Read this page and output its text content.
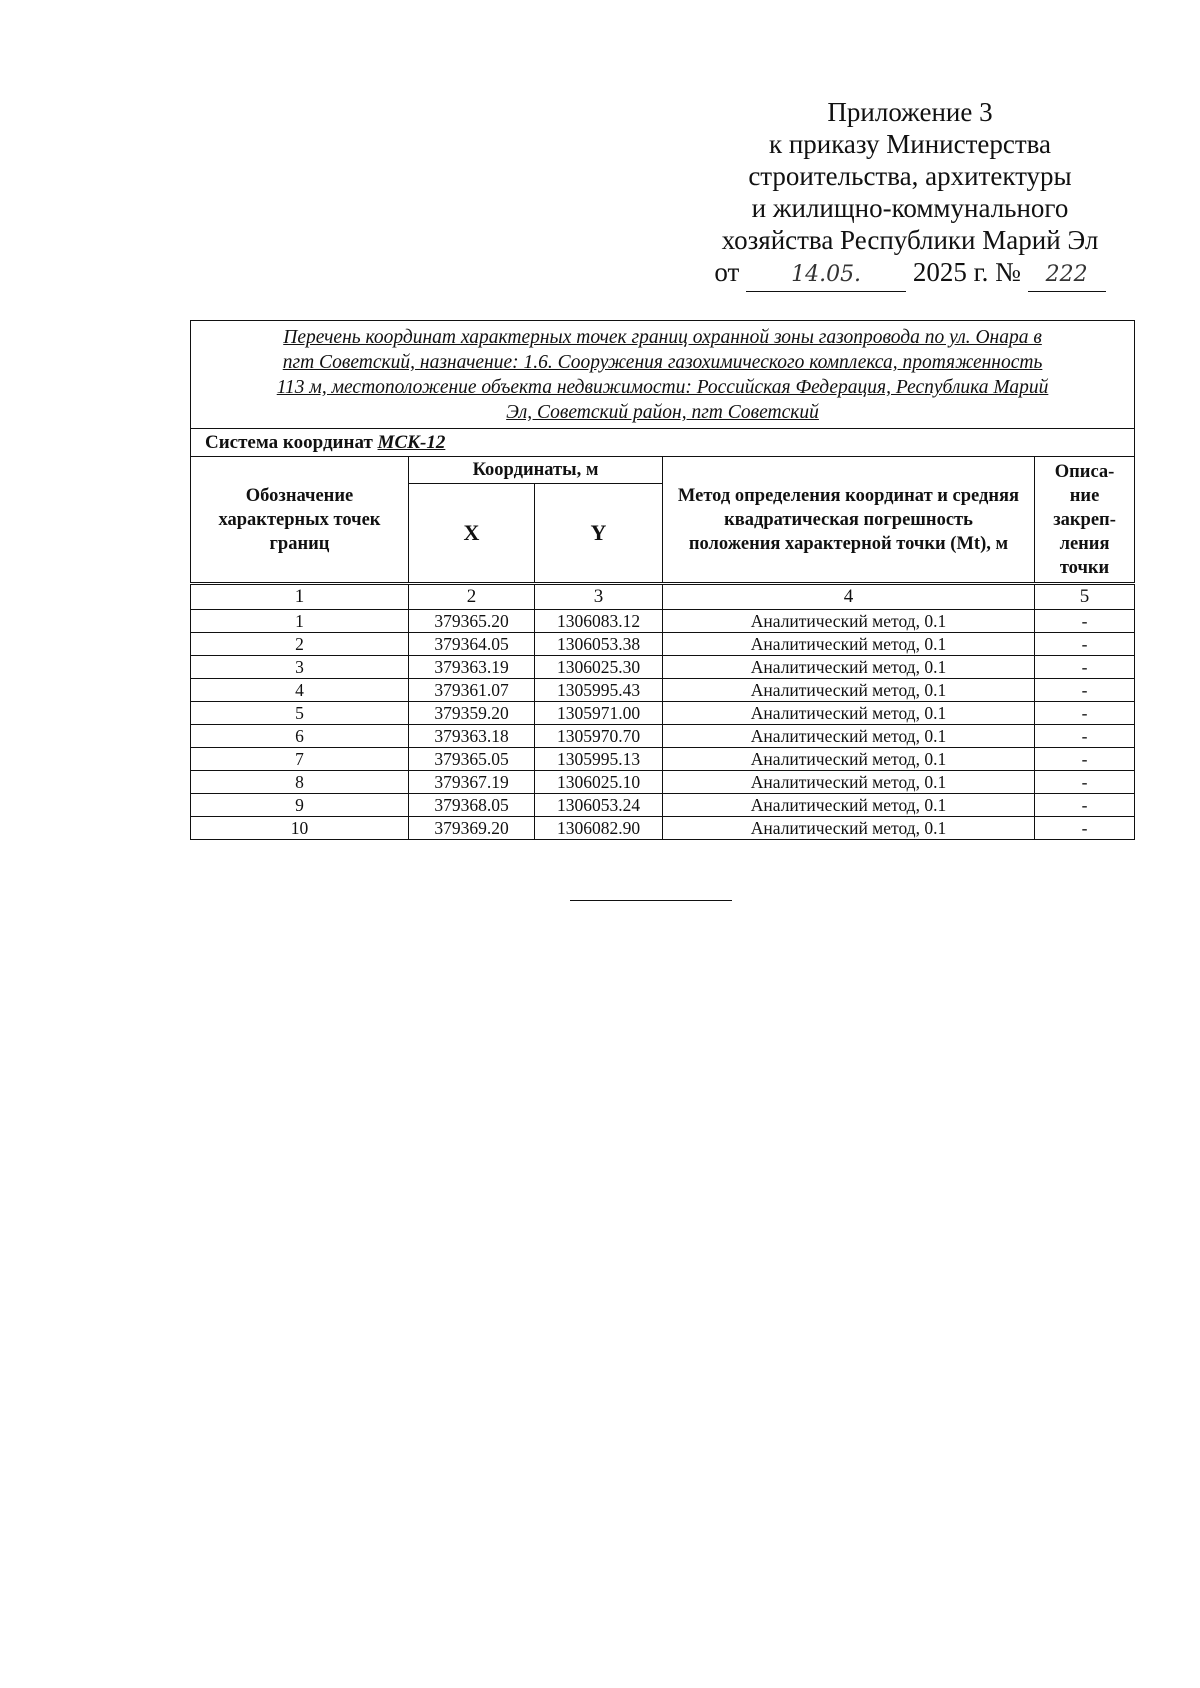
Приложение 3
к приказу Министерства
строительства, архитектуры
и жилищно-коммунального
хозяйства Республики Марий Эл
от 14.05. 2025 г. № 222
Перечень координат характерных точек границ охранной зоны газопровода по ул. Онара в
пгт Советский, назначение: 1.6. Сооружения газохимического комплекса, протяженность
113 м, местоположение объекта недвижимости: Российская Федерация, Республика Марий
Эл, Советский район, пгт Советский				

Система координат МСК-12				
Обозначение характерных точек границ	Координаты, м		Метод определения координат и средняя квадратическая погрешность положения характерной точки (Mt), м	Описа-ние закреп-ления точки
	X	Y		
1	2	3	4	5
1	379365.20	1306083.12	Аналитический метод, 0.1	-
2	379364.05	1306053.38	Аналитический метод, 0.1	-
3	379363.19	1306025.30	Аналитический метод, 0.1	-
4	379361.07	1305995.43	Аналитический метод, 0.1	-
5	379359.20	1305971.00	Аналитический метод, 0.1	-
6	379363.18	1305970.70	Аналитический метод, 0.1	-
7	379365.05	1305995.13	Аналитический метод, 0.1	-
8	379367.19	1306025.10	Аналитический метод, 0.1	-
9	379368.05	1306053.24	Аналитический метод, 0.1	-
10	379369.20	1306082.90	Аналитический метод, 0.1	-
